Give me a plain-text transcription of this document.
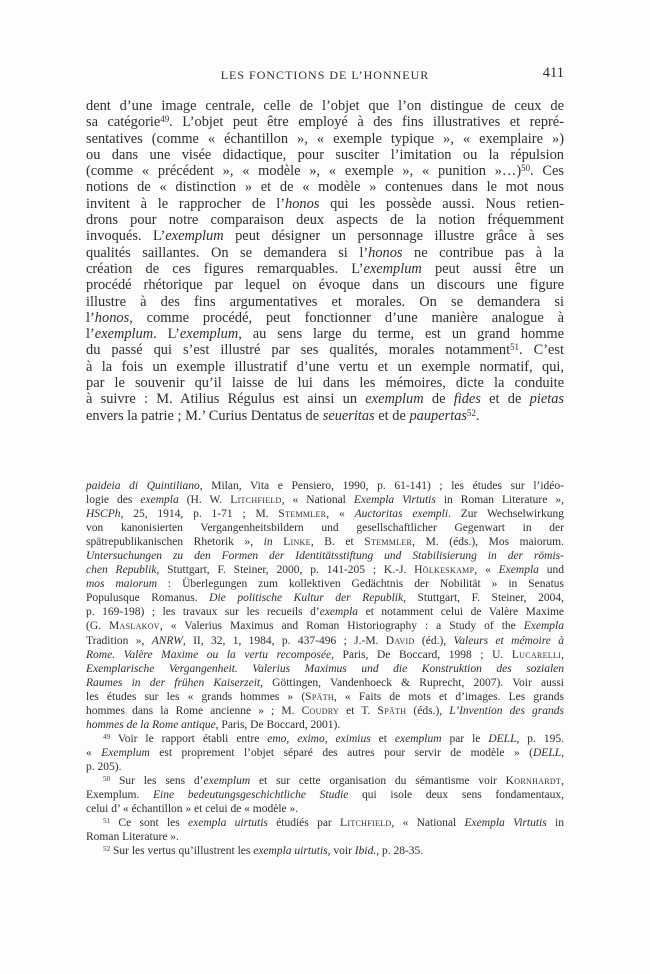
LES FONCTIONS DE L’HONNEUR	411
dent d’une image centrale, celle de l’objet que l’on distingue de ceux de
sa catégorie$^{49}$. L’objet peut être employé à des fins illustratives et repré-
sentatives (comme « échantillon », « exemple typique », « exemplaire »)
ou dans une visée didactique, pour susciter l’imitation ou la répulsion
(comme « précédent », « modèle », « exemple », « punition »…)$^{50}$. Ces
notions de « distinction » et de « modèle » contenues dans le mot nous
invitent à le rapprocher de l’honos qui les possède aussi. Nous retien-
drons pour notre comparaison deux aspects de la notion fréquemment
invoqués. L’exemplum peut désigner un personnage illustre grâce à ses
qualités saillantes. On se demandera si l’honos ne contribue pas à la
création de ces figures remarquables. L’exemplum peut aussi être un
procédé rhétorique par lequel on évoque dans un discours une figure
illustre à des fins argumentatives et morales. On se demandera si
l’honos, comme procédé, peut fonctionner d’une manière analogue à
l’exemplum. L’exemplum, au sens large du terme, est un grand homme
du passé qui s’est illustré par ses qualités, morales notamment$^{51}$. C’est
à la fois un exemple illustratif d’une vertu et un exemple normatif, qui,
par le souvenir qu’il laisse de lui dans les mémoires, dicte la conduite
à suivre : M. Atilius Régulus est ainsi un exemplum de fides et de pietas
envers la patrie ; M.’ Curius Dentatus de seueritas et de paupertas$^{52}$.
paideia di Quintiliano, Milan, Vita e Pensiero, 1990, p. 61-141) ; les études sur l’idéo-
logie des exempla (H. W. Litchfield, « National Exempla Virtutis in Roman Literature »,
HSCPh, 25, 1914, p. 1-71 ; M. Stemmler, « Auctoritas exempli. Zur Wechselwirkung
von kanonisierten Vergangenheitsbildern und gesellschaftlicher Gegenwart in der
spätrepublikanischen Rhetorik », in Linke, B. et Stemmler, M. (éds.), Mos maiorum.
Untersuchungen zu den Formen der Identitätsstiftung und Stabilisierung in der römis-
chen Republik, Stuttgart, F. Steiner, 2000, p. 141-205 ; K.-J. Hölkeskamp, « Exempla und
mos maiorum : Überlegungen zum kollektiven Gedächtnis der Nobilität » in Senatus
Populusque Romanus. Die politische Kultur der Republik, Stuttgart, F. Steiner, 2004,
p. 169-198) ; les travaux sur les recueils d’exempla et notamment celui de Valère Maxime
(G. Maslakov, « Valerius Maximus and Roman Historiography : a Study of the Exempla
Tradition », ANRW, II, 32, 1, 1984, p. 437-496 ; J.-M. David (éd.), Valeurs et mémoire à
Rome. Valère Maxime ou la vertu recomposée, Paris, De Boccard, 1998 ; U. Lucarelli,
Exemplarische Vergangenheit. Valerius Maximus und die Konstruktion des sozialen
Raumes in der frühen Kaiserzeit, Göttingen, Vandenhoeck & Ruprecht, 2007). Voir aussi
les études sur les « grands hommes » (Späth, « Faits de mots et d’images. Les grands
hommes dans la Rome ancienne » ; M. Coudry et T. Späth (éds.), L’Invention des grands
hommes de la Rome antique, Paris, De Boccard, 2001).
$^{49}$ Voir le rapport établi entre emo, eximo, eximius et exemplum par le DELL, p. 195.
« Exemplum est proprement l’objet séparé des autres pour servir de modèle » (DELL,
p. 205).
$^{50}$ Sur les sens d’exemplum et sur cette organisation du sémantisme voir Kornhardt,
Exemplum. Eine bedeutungsgeschichtliche Studie qui isole deux sens fondamentaux,
celui d’ « échantillon » et celui de « modèle ».
$^{51}$ Ce sont les exempla uirtutis étudiés par Litchfield, « National Exempla Virtutis in
Roman Literature ».
$^{52}$ Sur les vertus qu’illustrent les exempla uirtutis, voir Ibid., p. 28-35.
